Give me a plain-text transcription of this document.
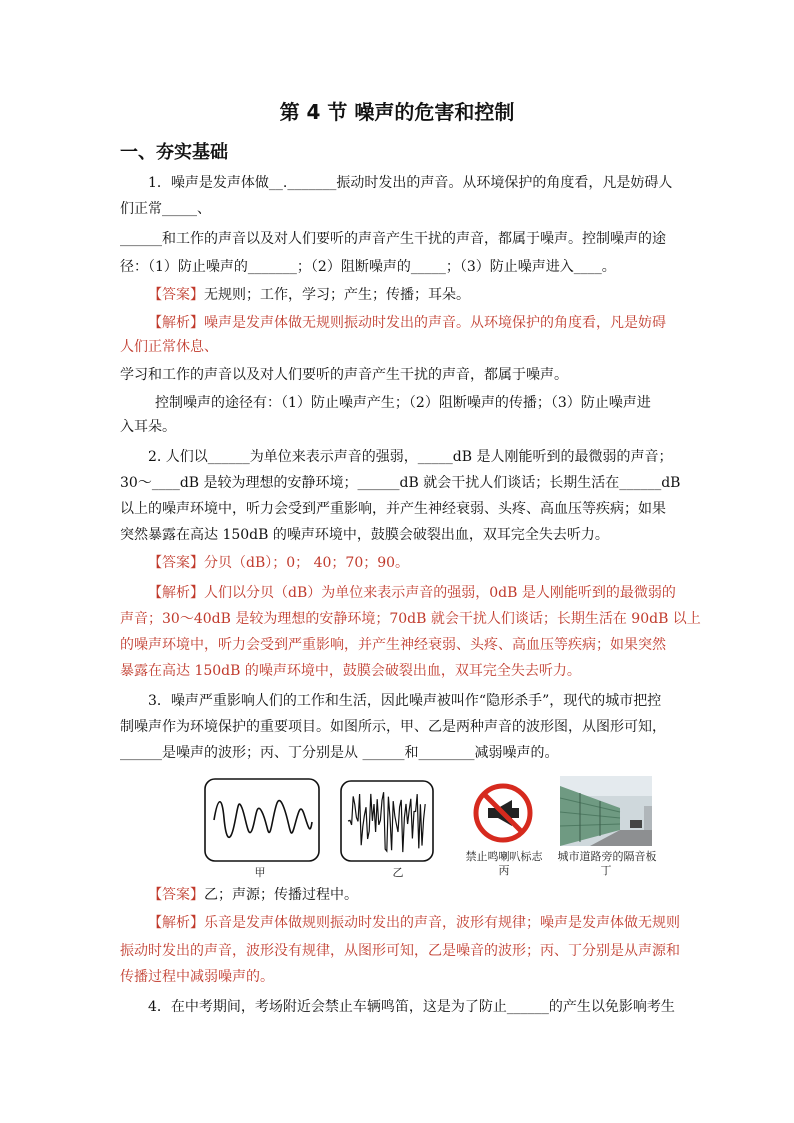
第 4 节 噪声的危害和控制
一、夯实基础
1．噪声是发声体做__._______振动时发出的声音。从环境保护的角度看，凡是妨碍人
们正常_____、
______和工作的声音以及对人们要听的声音产生干扰的声音，都属于噪声。控制噪声的途
径：（1）防止噪声的_______；（2）阻断噪声的_____；（3）防止噪声进入____。
【答案】无规则；工作，学习；产生；传播；耳朵。
【解析】噪声是发声体做无规则振动时发出的声音。从环境保护的角度看，凡是妨碍
人们正常休息、
学习和工作的声音以及对人们要听的声音产生干扰的声音，都属于噪声。
控制噪声的途径有：（1）防止噪声产生；（2）阻断噪声的传播；（3）防止噪声进
入耳朵。
2. 人们以______为单位来表示声音的强弱，_____dB 是人刚能听到的最微弱的声音；
30～____dB 是较为理想的安静环境；______dB 就会干扰人们谈话；长期生活在______dB
以上的噪声环境中，听力会受到严重影响，并产生神经衰弱、头疼、高血压等疾病；如果
突然暴露在高达 150dB 的噪声环境中，鼓膜会破裂出血，双耳完全失去听力。
【答案】分贝（dB）；0； 40；70；90。
【解析】人们以分贝（dB）为单位来表示声音的强弱，0dB 是人刚能听到的最微弱的
声音；30～40dB 是较为理想的安静环境；70dB 就会干扰人们谈话；长期生活在 90dB 以上
的噪声环境中，听力会受到严重影响，并产生神经衰弱、头疼、高血压等疾病；如果突然
暴露在高达 150dB 的噪声环境中，鼓膜会破裂出血，双耳完全失去听力。
3．噪声严重影响人们的工作和生活，因此噪声被叫作“隐形杀手”，现代的城市把控
制噪声作为环境保护的重要项目。如图所示，甲、乙是两种声音的波形图，从图形可知，
______是噪声的波形；丙、丁分别是从 ______和________减弱噪声的。
甲	乙
禁止鸣喇叭标志
丙
城市道路旁的隔音板
丁
【答案】乙；声源；传播过程中。
【解析】乐音是发声体做规则振动时发出的声音，波形有规律；噪声是发声体做无规则
振动时发出的声音，波形没有规律，从图形可知，乙是噪音的波形；丙、丁分别是从声源和
传播过程中减弱噪声的。
4．在中考期间，考场附近会禁止车辆鸣笛，这是为了防止______的产生以免影响考生
